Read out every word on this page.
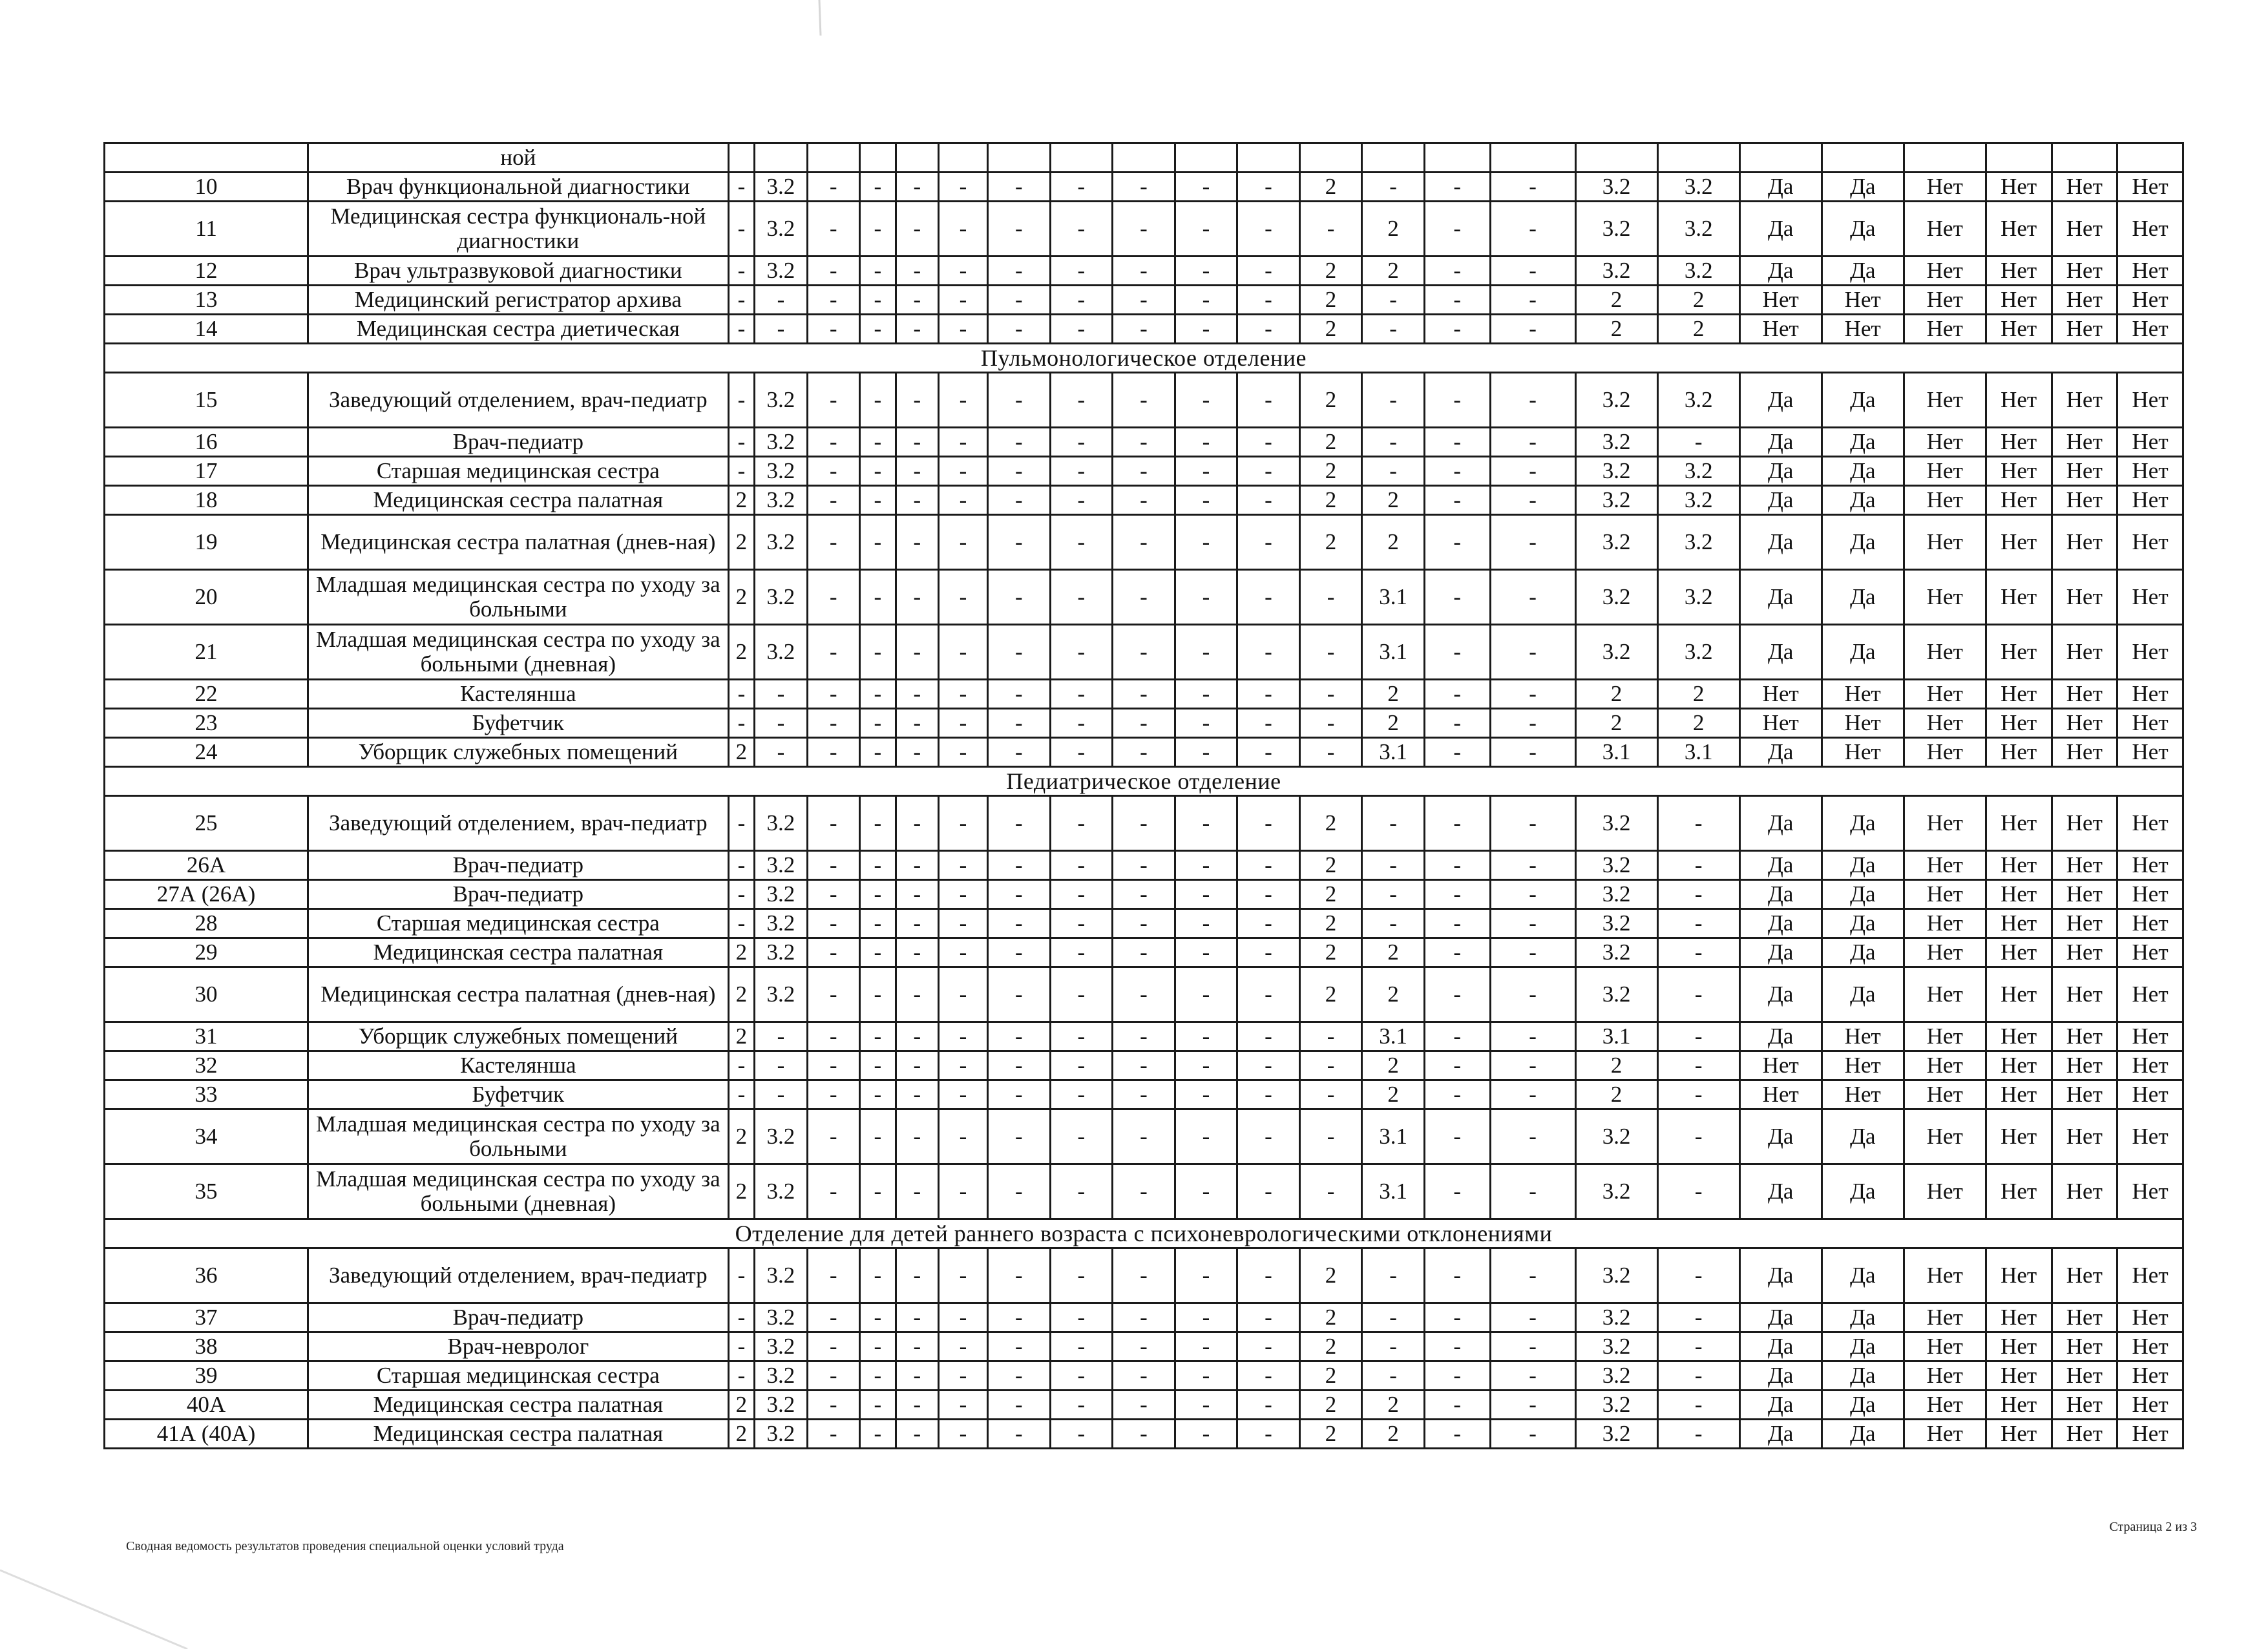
	ной																							
10	Врач функциональной диагностики	-	3.2	-	-	-	-	-	-	-	-	-	2	-	-	-	3.2	3.2	Да	Да	Нет	Нет	Нет	Нет
11	Медицинская сестра функциональ-ной диагностики	-	3.2	-	-	-	-	-	-	-	-	-	-	2	-	-	3.2	3.2	Да	Да	Нет	Нет	Нет	Нет
12	Врач ультразвуковой диагностики	-	3.2	-	-	-	-	-	-	-	-	-	2	2	-	-	3.2	3.2	Да	Да	Нет	Нет	Нет	Нет
13	Медицинский регистратор архива	-	-	-	-	-	-	-	-	-	-	-	2	-	-	-	2	2	Нет	Нет	Нет	Нет	Нет	Нет
14	Медицинская сестра диетическая	-	-	-	-	-	-	-	-	-	-	-	2	-	-	-	2	2	Нет	Нет	Нет	Нет	Нет	Нет
Пульмонологическое отделение																								
15	Заведующий отделением, врач-педиатр	-	3.2	-	-	-	-	-	-	-	-	-	2	-	-	-	3.2	3.2	Да	Да	Нет	Нет	Нет	Нет
16	Врач-педиатр	-	3.2	-	-	-	-	-	-	-	-	-	2	-	-	-	3.2	-	Да	Да	Нет	Нет	Нет	Нет
17	Старшая медицинская сестра	-	3.2	-	-	-	-	-	-	-	-	-	2	-	-	-	3.2	3.2	Да	Да	Нет	Нет	Нет	Нет
18	Медицинская сестра палатная	2	3.2	-	-	-	-	-	-	-	-	-	2	2	-	-	3.2	3.2	Да	Да	Нет	Нет	Нет	Нет
19	Медицинская сестра палатная (днев-ная)	2	3.2	-	-	-	-	-	-	-	-	-	2	2	-	-	3.2	3.2	Да	Да	Нет	Нет	Нет	Нет
20	Младшая медицинская сестра по уходу за больными	2	3.2	-	-	-	-	-	-	-	-	-	-	3.1	-	-	3.2	3.2	Да	Да	Нет	Нет	Нет	Нет
21	Младшая медицинская сестра по уходу за больными (дневная)	2	3.2	-	-	-	-	-	-	-	-	-	-	3.1	-	-	3.2	3.2	Да	Да	Нет	Нет	Нет	Нет
22	Кастелянша	-	-	-	-	-	-	-	-	-	-	-	-	2	-	-	2	2	Нет	Нет	Нет	Нет	Нет	Нет
23	Буфетчик	-	-	-	-	-	-	-	-	-	-	-	-	2	-	-	2	2	Нет	Нет	Нет	Нет	Нет	Нет
24	Уборщик служебных помещений	2	-	-	-	-	-	-	-	-	-	-	-	3.1	-	-	3.1	3.1	Да	Нет	Нет	Нет	Нет	Нет
Педиатрическое отделение																								
25	Заведующий отделением, врач-педиатр	-	3.2	-	-	-	-	-	-	-	-	-	2	-	-	-	3.2	-	Да	Да	Нет	Нет	Нет	Нет
26А	Врач-педиатр	-	3.2	-	-	-	-	-	-	-	-	-	2	-	-	-	3.2	-	Да	Да	Нет	Нет	Нет	Нет
27А (26А)	Врач-педиатр	-	3.2	-	-	-	-	-	-	-	-	-	2	-	-	-	3.2	-	Да	Да	Нет	Нет	Нет	Нет
28	Старшая медицинская сестра	-	3.2	-	-	-	-	-	-	-	-	-	2	-	-	-	3.2	-	Да	Да	Нет	Нет	Нет	Нет
29	Медицинская сестра палатная	2	3.2	-	-	-	-	-	-	-	-	-	2	2	-	-	3.2	-	Да	Да	Нет	Нет	Нет	Нет
30	Медицинская сестра палатная (днев-ная)	2	3.2	-	-	-	-	-	-	-	-	-	2	2	-	-	3.2	-	Да	Да	Нет	Нет	Нет	Нет
31	Уборщик служебных помещений	2	-	-	-	-	-	-	-	-	-	-	-	3.1	-	-	3.1	-	Да	Нет	Нет	Нет	Нет	Нет
32	Кастелянша	-	-	-	-	-	-	-	-	-	-	-	-	2	-	-	2	-	Нет	Нет	Нет	Нет	Нет	Нет
33	Буфетчик	-	-	-	-	-	-	-	-	-	-	-	-	2	-	-	2	-	Нет	Нет	Нет	Нет	Нет	Нет
34	Младшая медицинская сестра по уходу за больными	2	3.2	-	-	-	-	-	-	-	-	-	-	3.1	-	-	3.2	-	Да	Да	Нет	Нет	Нет	Нет
35	Младшая медицинская сестра по уходу за больными (дневная)	2	3.2	-	-	-	-	-	-	-	-	-	-	3.1	-	-	3.2	-	Да	Да	Нет	Нет	Нет	Нет
Отделение для детей раннего возраста с психоневрологическими отклонениями																								
36	Заведующий отделением, врач-педиатр	-	3.2	-	-	-	-	-	-	-	-	-	2	-	-	-	3.2	-	Да	Да	Нет	Нет	Нет	Нет
37	Врач-педиатр	-	3.2	-	-	-	-	-	-	-	-	-	2	-	-	-	3.2	-	Да	Да	Нет	Нет	Нет	Нет
38	Врач-невролог	-	3.2	-	-	-	-	-	-	-	-	-	2	-	-	-	3.2	-	Да	Да	Нет	Нет	Нет	Нет
39	Старшая медицинская сестра	-	3.2	-	-	-	-	-	-	-	-	-	2	-	-	-	3.2	-	Да	Да	Нет	Нет	Нет	Нет
40А	Медицинская сестра палатная	2	3.2	-	-	-	-	-	-	-	-	-	2	2	-	-	3.2	-	Да	Да	Нет	Нет	Нет	Нет
41А (40А)	Медицинская сестра палатная	2	3.2	-	-	-	-	-	-	-	-	-	2	2	-	-	3.2	-	Да	Да	Нет	Нет	Нет	Нет
Сводная ведомость результатов проведения специальной оценки условий труда
Страница 2 из 3
